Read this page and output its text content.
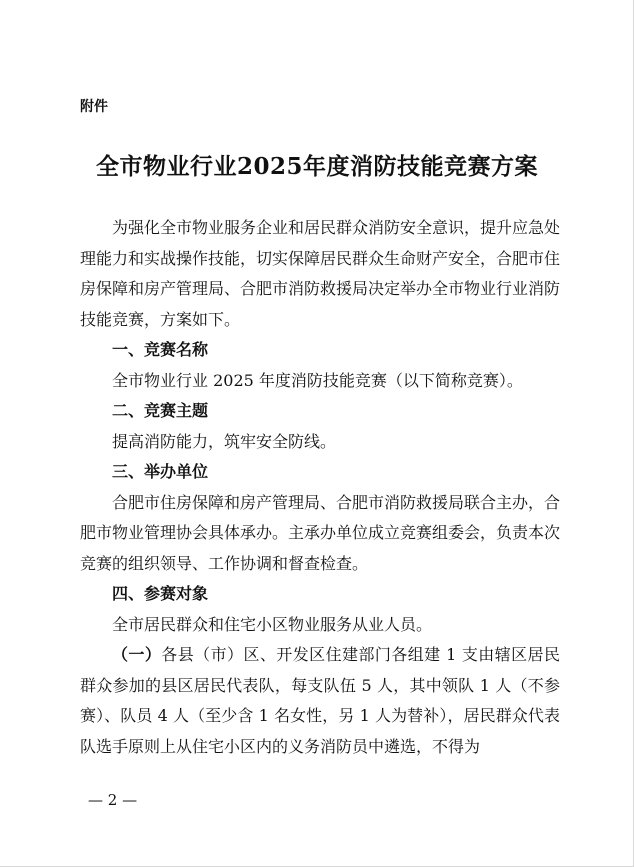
附件

全市物业行业2025年度消防技能竞赛方案

为强化全市物业服务企业和居民群众消防安全意识，提升应急处理能力和实战操作技能，切实保障居民群众生命财产安全，合肥市住房保障和房产管理局、合肥市消防救援局决定举办全市物业行业消防技能竞赛，方案如下。

一、竞赛名称

全市物业行业 2025 年度消防技能竞赛（以下简称竞赛）。

二、竞赛主题

提高消防能力，筑牢安全防线。

三、举办单位

合肥市住房保障和房产管理局、合肥市消防救援局联合主办，合肥市物业管理协会具体承办。主承办单位成立竞赛组委会，负责本次竞赛的组织领导、工作协调和督查检查。

四、参赛对象

全市居民群众和住宅小区物业服务从业人员。

（一）各县（市）区、开发区住建部门各组建 1 支由辖区居民群众参加的县区居民代表队，每支队伍 5 人，其中领队 1 人（不参赛）、队员 4 人（至少含 1 名女性，另 1 人为替补），居民群众代表队选手原则上从住宅小区内的义务消防员中遴选，不得为

— 2 —
